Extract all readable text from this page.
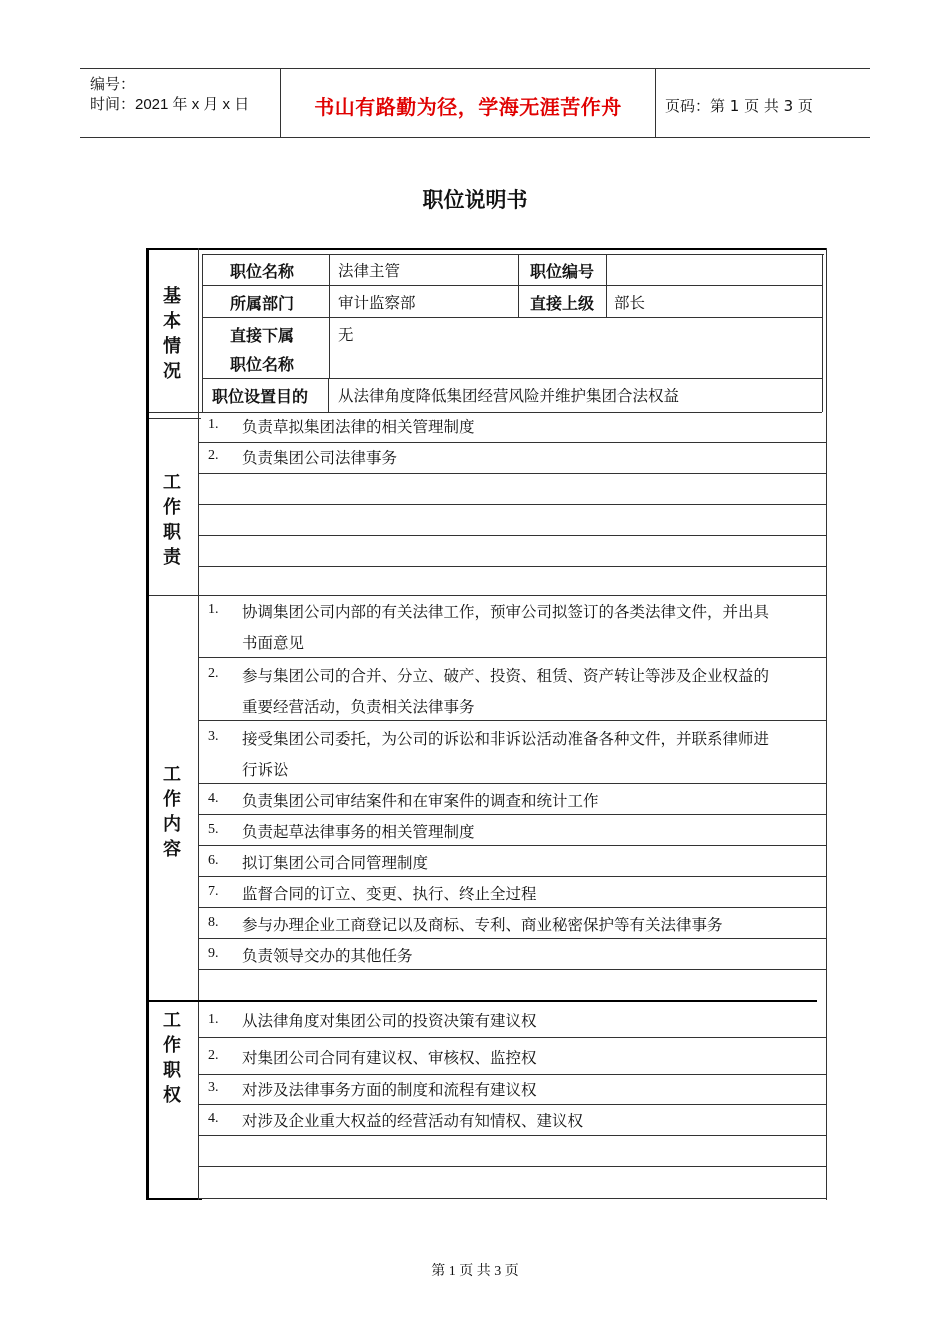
编号：
时间：2021 年 x 月 x 日	书山有路勤为径，学海无涯苦作舟	页码：第 1 页 共 3 页
职位说明书
基
本
情
况
职位名称	法律主管	职位编号
所属部门	审计监察部	直接上级 部长
直接下属
职位名称
无
职位设置目的 从法律角度降低集团经营风险并维护集团合法权益
工
作
职
责
1. 负责草拟集团法律的相关管理制度
2. 负责集团公司法律事务
工
作
内
容
1. 协调集团公司内部的有关法律工作，预审公司拟签订的各类法律文件，并出具
书面意见
2. 参与集团公司的合并、分立、破产、投资、租赁、资产转让等涉及企业权益的
重要经营活动，负责相关法律事务
3. 接受集团公司委托，为公司的诉讼和非诉讼活动准备各种文件，并联系律师进
行诉讼
4. 负责集团公司审结案件和在审案件的调查和统计工作
5. 负责起草法律事务的相关管理制度
6. 拟订集团公司合同管理制度
7. 监督合同的订立、变更、执行、终止全过程
8. 参与办理企业工商登记以及商标、专利、商业秘密保护等有关法律事务
9. 负责领导交办的其他任务
工
作
职
权
1. 从法律角度对集团公司的投资决策有建议权
2. 对集团公司合同有建议权、审核权、监控权
3. 对涉及法律事务方面的制度和流程有建议权
4. 对涉及企业重大权益的经营活动有知情权、建议权
第 1 页 共 3 页
